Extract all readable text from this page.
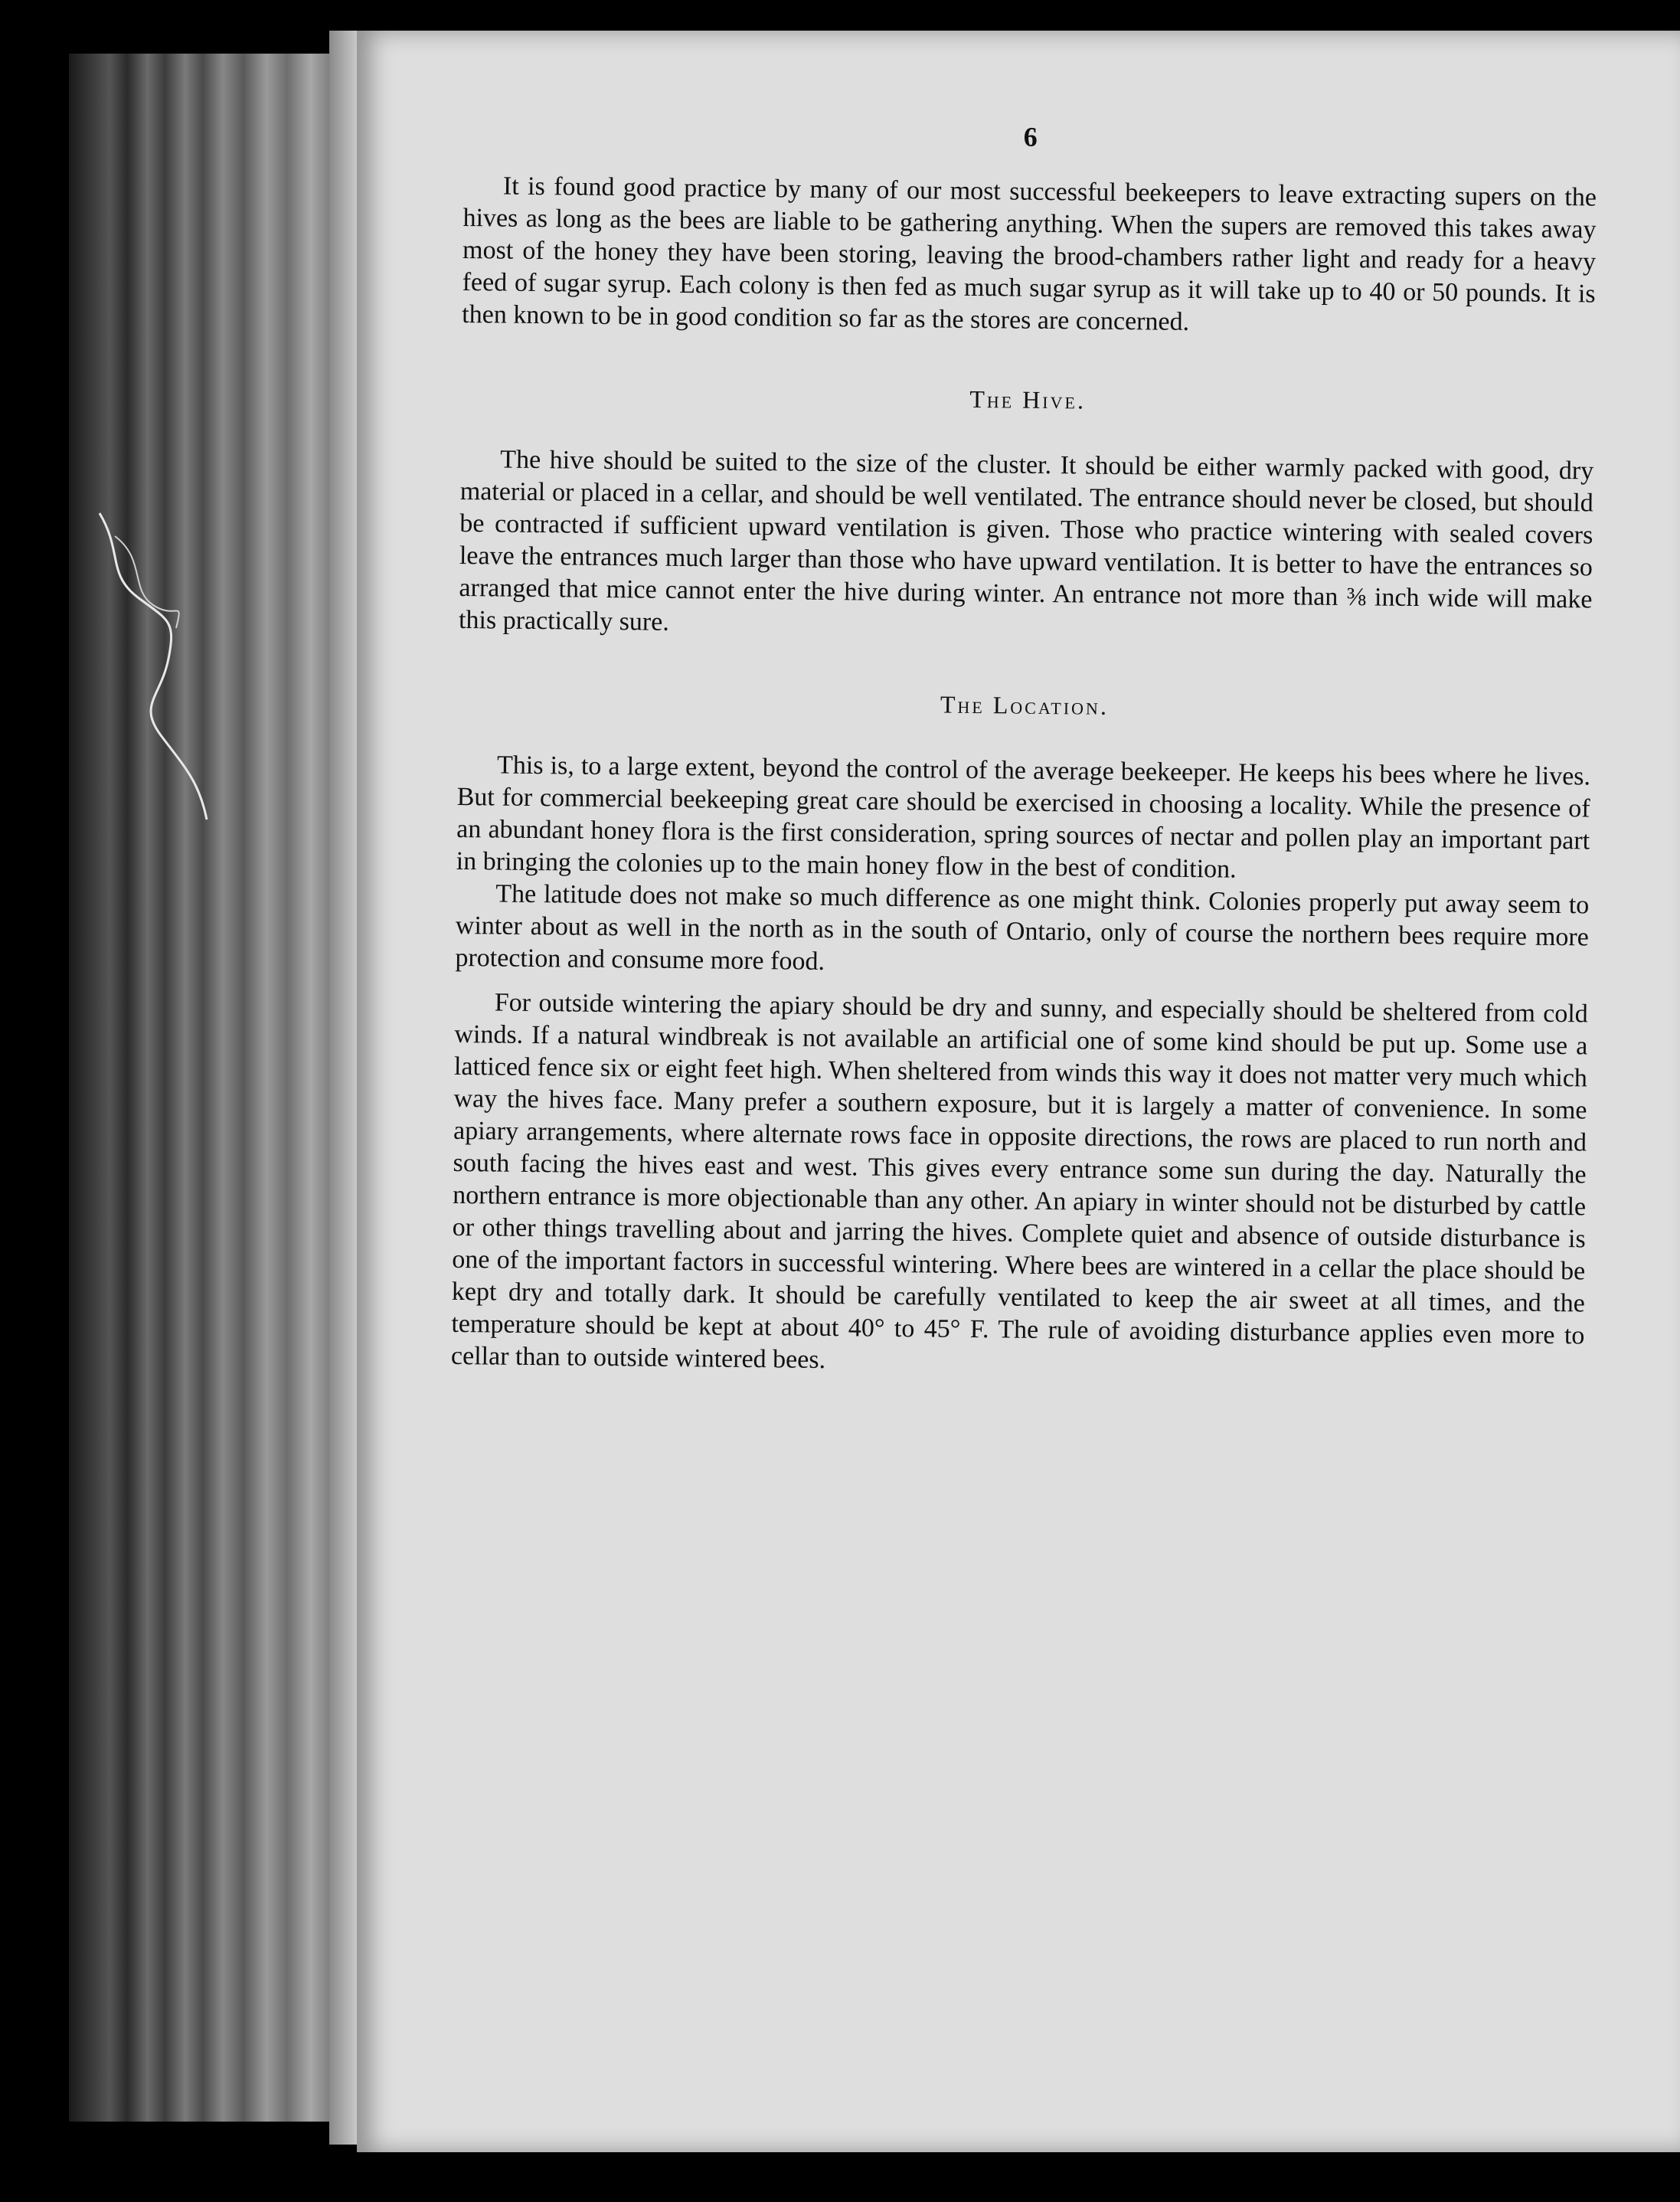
6

It is found good practice by many of our most successful beekeepers to leave extracting supers on the hives as long as the bees are liable to be gathering anything. When the supers are removed this takes away most of the honey they have been storing, leaving the brood-chambers rather light and ready for a heavy feed of sugar syrup. Each colony is then fed as much sugar syrup as it will take up to 40 or 50 pounds. It is then known to be in good condition so far as the stores are concerned.

The Hive.

The hive should be suited to the size of the cluster. It should be either warmly packed with good, dry material or placed in a cellar, and should be well ventilated. The entrance should never be closed, but should be contracted if sufficient upward ventilation is given. Those who practice wintering with sealed covers leave the entrances much larger than those who have upward ventilation. It is better to have the entrances so arranged that mice cannot enter the hive during winter. An entrance not more than ⅜ inch wide will make this practically sure.

The Location.

This is, to a large extent, beyond the control of the average beekeeper. He keeps his bees where he lives. But for commercial beekeeping great care should be exercised in choosing a locality. While the presence of an abundant honey flora is the first consideration, spring sources of nectar and pollen play an important part in bringing the colonies up to the main honey flow in the best of condition.

The latitude does not make so much difference as one might think. Colonies properly put away seem to winter about as well in the north as in the south of Ontario, only of course the northern bees require more protection and consume more food.

For outside wintering the apiary should be dry and sunny, and especially should be sheltered from cold winds. If a natural windbreak is not available an artificial one of some kind should be put up. Some use a latticed fence six or eight feet high. When sheltered from winds this way it does not matter very much which way the hives face. Many prefer a southern exposure, but it is largely a matter of convenience. In some apiary arrangements, where alternate rows face in opposite directions, the rows are placed to run north and south facing the hives east and west. This gives every entrance some sun during the day. Naturally the northern entrance is more objectionable than any other. An apiary in winter should not be disturbed by cattle or other things travelling about and jarring the hives. Complete quiet and absence of outside disturbance is one of the important factors in successful wintering. Where bees are wintered in a cellar the place should be kept dry and totally dark. It should be carefully ventilated to keep the air sweet at all times, and the temperature should be kept at about 40° to 45° F. The rule of avoiding disturbance applies even more to cellar than to outside wintered bees.
